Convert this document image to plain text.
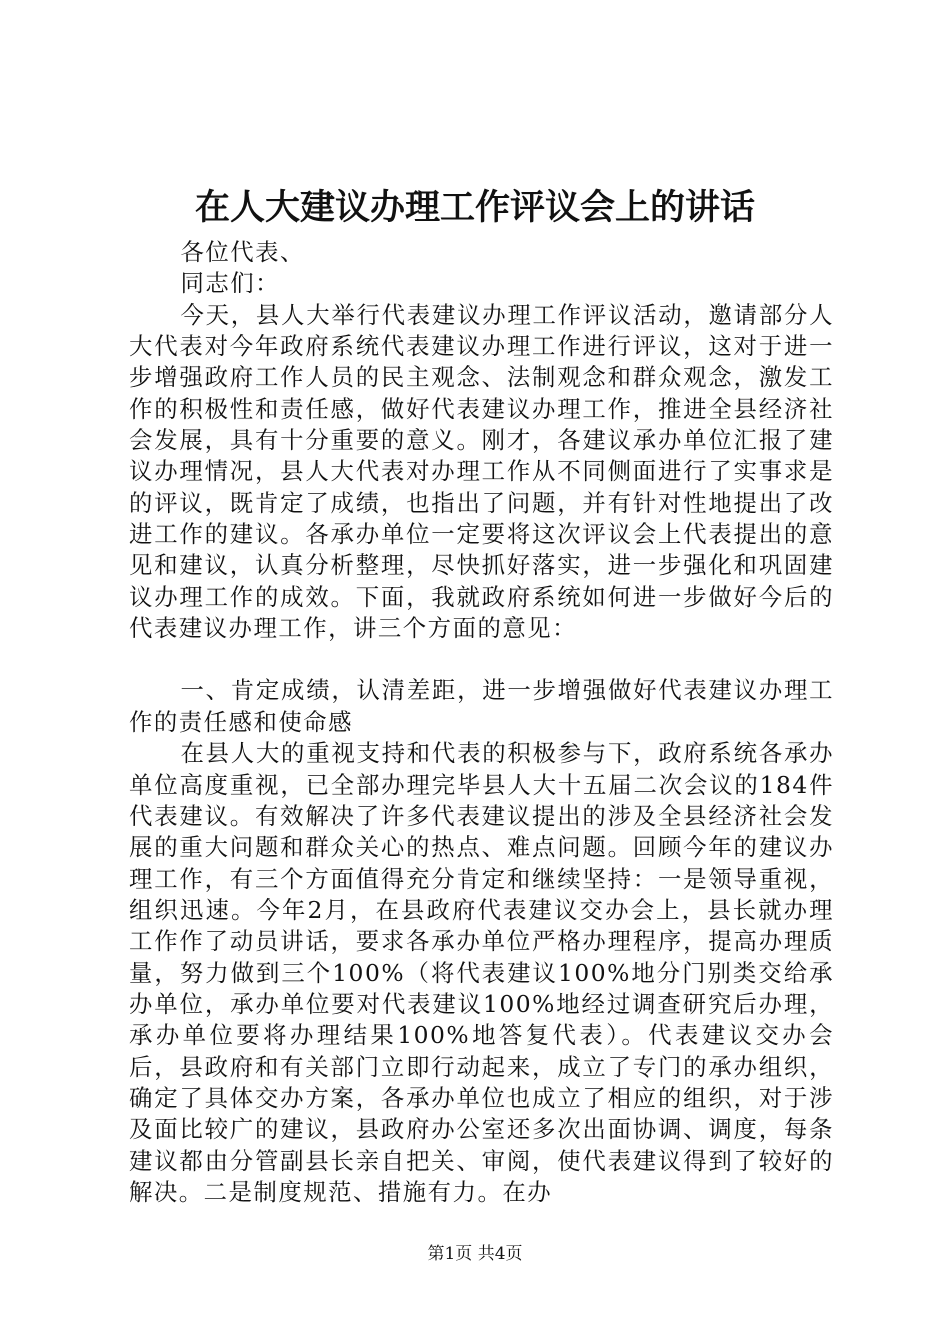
在人大建议办理工作评议会上的讲话

各位代表、

同志们：

今天，县人大举行代表建议办理工作评议活动，邀请部分人大代表对今年政府系统代表建议办理工作进行评议，这对于进一步增强政府工作人员的民主观念、法制观念和群众观念，激发工作的积极性和责任感，做好代表建议办理工作，推进全县经济社会发展，具有十分重要的意义。刚才，各建议承办单位汇报了建议办理情况，县人大代表对办理工作从不同侧面进行了实事求是的评议，既肯定了成绩，也指出了问题，并有针对性地提出了改进工作的建议。各承办单位一定要将这次评议会上代表提出的意见和建议，认真分析整理，尽快抓好落实，进一步强化和巩固建议办理工作的成效。下面，我就政府系统如何进一步做好今后的代表建议办理工作，讲三个方面的意见：

一、肯定成绩，认清差距，进一步增强做好代表建议办理工作的责任感和使命感

在县人大的重视支持和代表的积极参与下，政府系统各承办单位高度重视，已全部办理完毕县人大十五届二次会议的184件代表建议。有效解决了许多代表建议提出的涉及全县经济社会发展的重大问题和群众关心的热点、难点问题。回顾今年的建议办理工作，有三个方面值得充分肯定和继续坚持：一是领导重视，组织迅速。今年2月，在县政府代表建议交办会上，县长就办理工作作了动员讲话，要求各承办单位严格办理程序，提高办理质量，努力做到三个100%（将代表建议100%地分门别类交给承办单位，承办单位要对代表建议100%地经过调查研究后办理，承办单位要将办理结果100%地答复代表）。代表建议交办会后，县政府和有关部门立即行动起来，成立了专门的承办组织，确定了具体交办方案，各承办单位也成立了相应的组织，对于涉及面比较广的建议，县政府办公室还多次出面协调、调度，每条建议都由分管副县长亲自把关、审阅，使代表建议得到了较好的解决。二是制度规范、措施有力。在办

第1页 共4页
